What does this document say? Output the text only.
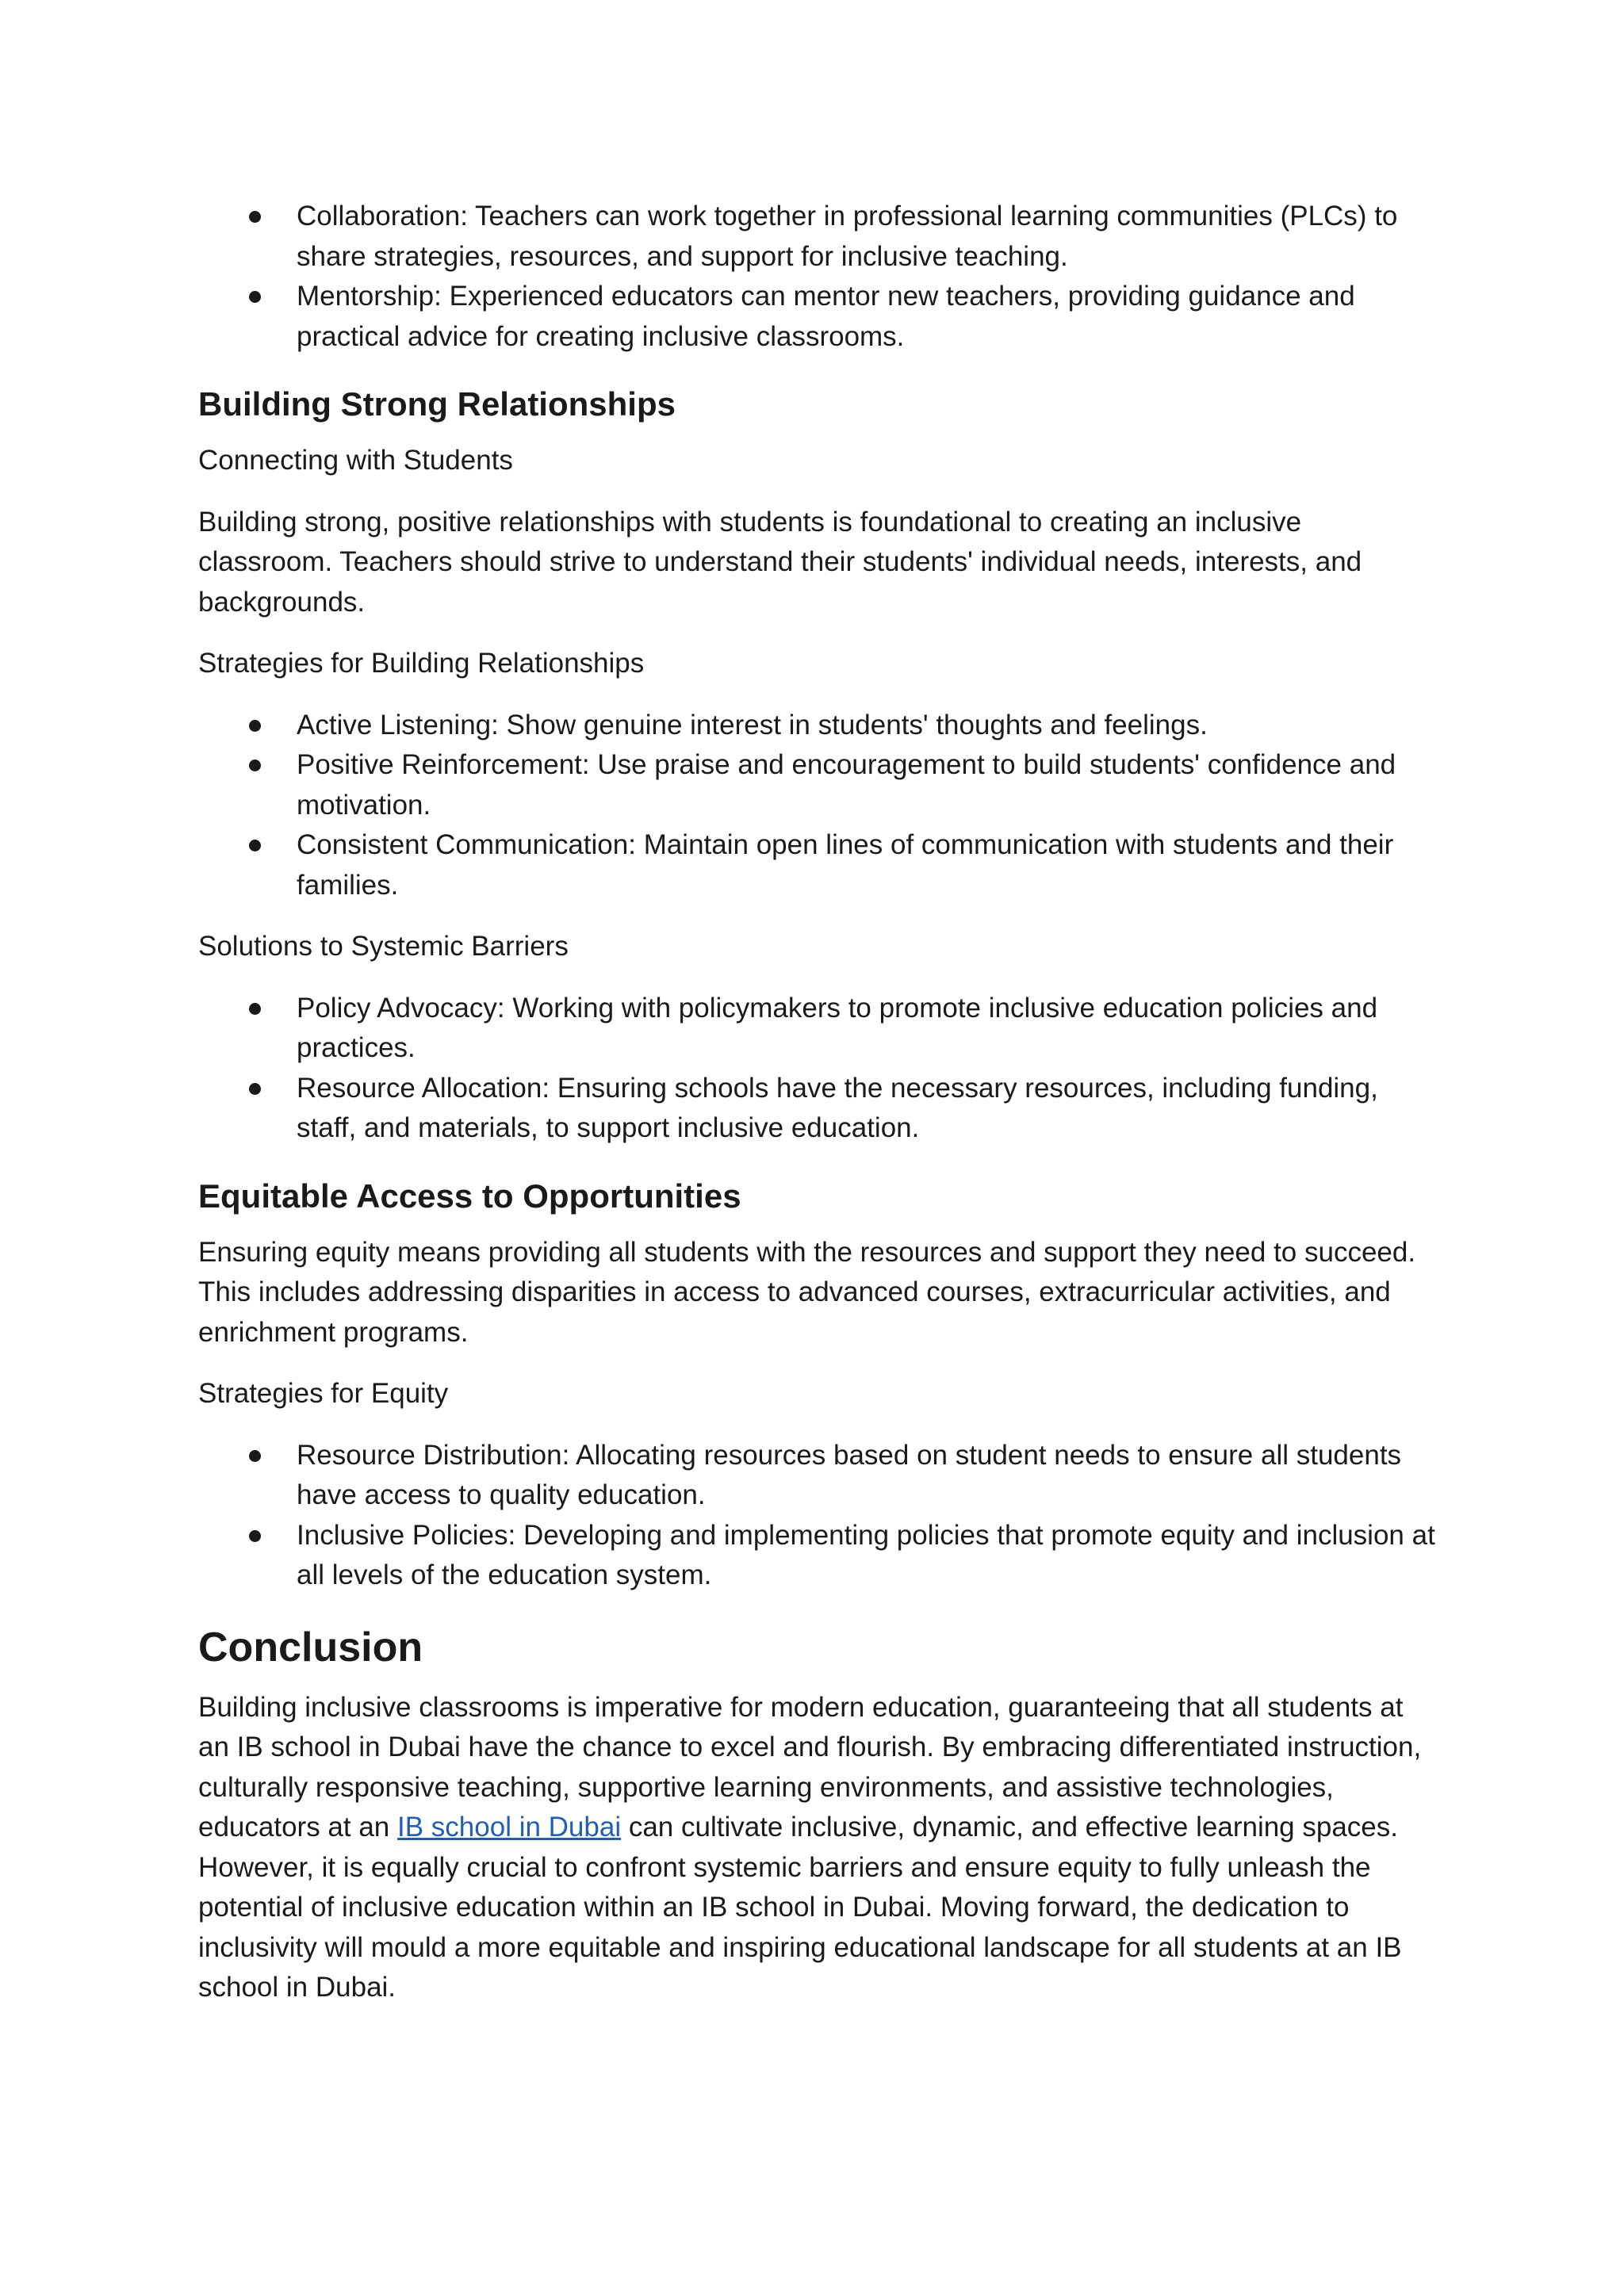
Collaboration: Teachers can work together in professional learning communities (PLCs) to share strategies, resources, and support for inclusive teaching.
Mentorship: Experienced educators can mentor new teachers, providing guidance and practical advice for creating inclusive classrooms.
Building Strong Relationships

Connecting with Students

Building strong, positive relationships with students is foundational to creating an inclusive classroom. Teachers should strive to understand their students' individual needs, interests, and backgrounds.

Strategies for Building Relationships

Active Listening: Show genuine interest in students' thoughts and feelings.
Positive Reinforcement: Use praise and encouragement to build students' confidence and motivation.
Consistent Communication: Maintain open lines of communication with students and their families.

Solutions to Systemic Barriers

Policy Advocacy: Working with policymakers to promote inclusive education policies and practices.
Resource Allocation: Ensuring schools have the necessary resources, including funding, staff, and materials, to support inclusive education.
Equitable Access to Opportunities

Ensuring equity means providing all students with the resources and support they need to succeed. This includes addressing disparities in access to advanced courses, extracurricular activities, and enrichment programs.

Strategies for Equity

Resource Distribution: Allocating resources based on student needs to ensure all students have access to quality education.
Inclusive Policies: Developing and implementing policies that promote equity and inclusion at all levels of the education system.
Conclusion

Building inclusive classrooms is imperative for modern education, guaranteeing that all students at an IB school in Dubai have the chance to excel and flourish. By embracing differentiated instruction, culturally responsive teaching, supportive learning environments, and assistive technologies, educators at an IB school in Dubai can cultivate inclusive, dynamic, and effective learning spaces. However, it is equally crucial to confront systemic barriers and ensure equity to fully unleash the potential of inclusive education within an IB school in Dubai. Moving forward, the dedication to inclusivity will mould a more equitable and inspiring educational landscape for all students at an IB school in Dubai.
